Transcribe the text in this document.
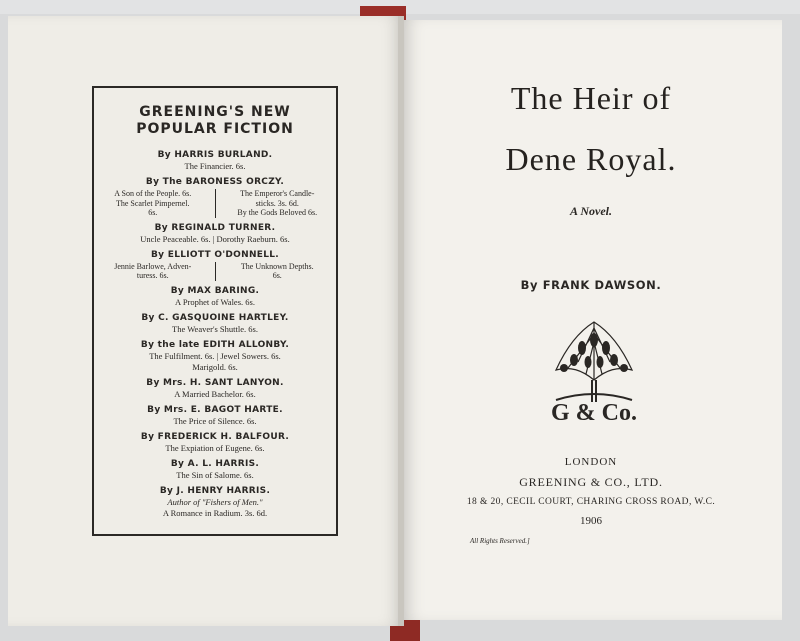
GREENING'S NEW
POPULAR FICTION
By HARRIS BURLAND.
The Financier. 6s.
By The BARONESS ORCZY.
A Son of the People. 6s.
The Scarlet Pimpernel.
6s.
The Emperor's Candle-
sticks. 3s. 6d.
By the Gods Beloved 6s.
By REGINALD TURNER.
Uncle Peaceable. 6s. | Dorothy Raeburn. 6s.
By ELLIOTT O'DONNELL.
Jennie Barlowe, Adven-
turess. 6s.
The Unknown Depths.
6s.
By MAX BARING.
A Prophet of Wales. 6s.
By C. GASQUOINE HARTLEY.
The Weaver's Shuttle. 6s.
By the late EDITH ALLONBY.
The Fulfilment. 6s. | Jewel Sowers. 6s.
Marigold. 6s.
By Mrs. H. SANT LANYON.
A Married Bachelor. 6s.
By Mrs. E. BAGOT HARTE.
The Price of Silence. 6s.
By FREDERICK H. BALFOUR.
The Expiation of Eugene. 6s.
By A. L. HARRIS.
The Sin of Salome. 6s.
By J. HENRY HARRIS.
Author of "Fishers of Men."
A Romance in Radium. 3s. 6d.
The Heir of
Dene Royal.
A Novel.
By FRANK DAWSON.
G & Co.
LONDON
GREENING & CO., LTD.
18 & 20, CECIL COURT, CHARING CROSS ROAD, W.C.
1906
All Rights Reserved.]
